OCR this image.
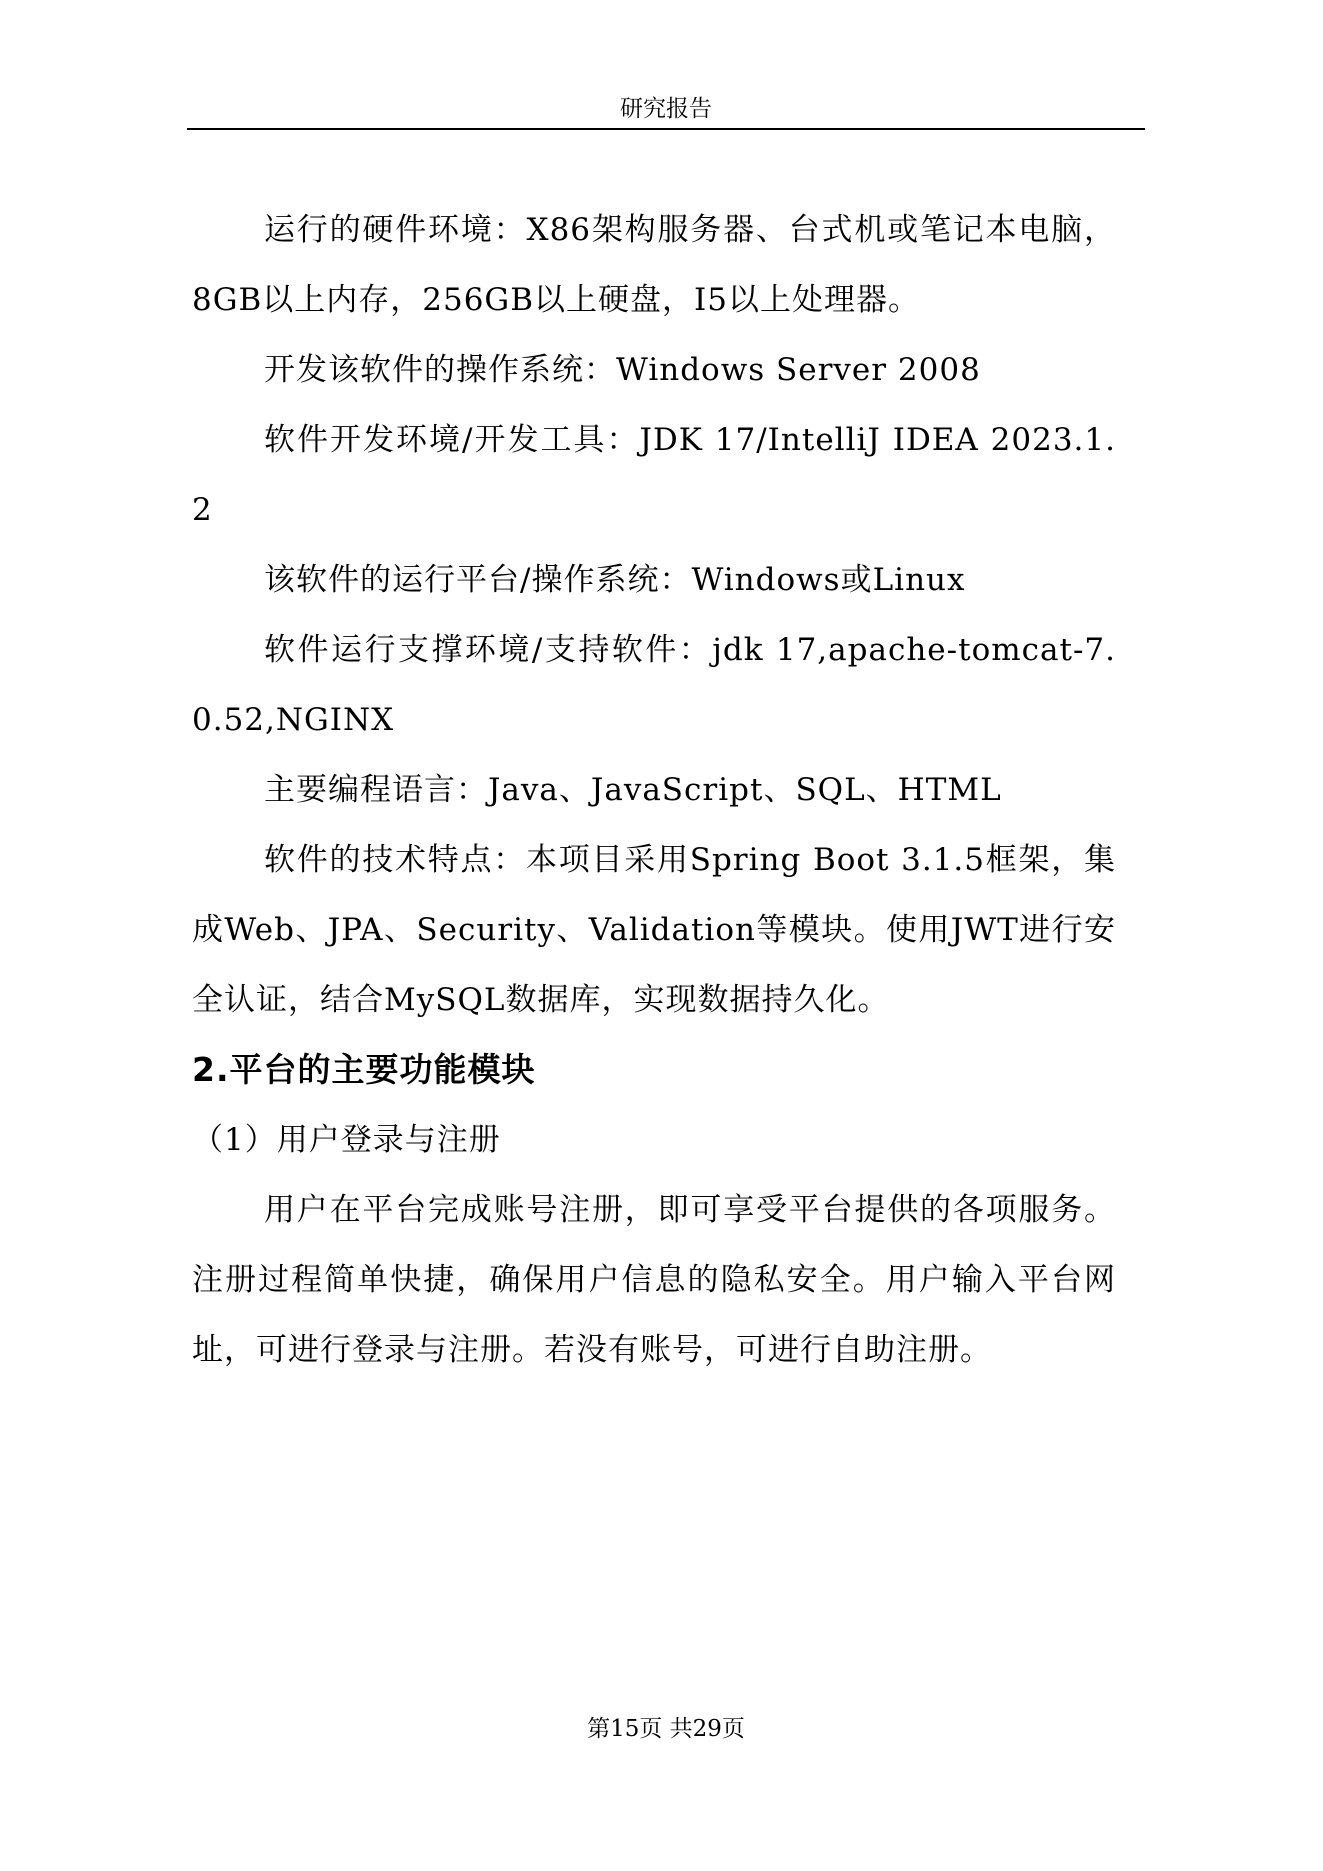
研究报告

运行的硬件环境：X86架构服务器、台式机或笔记本电脑，8GB以上内存，256GB以上硬盘，I5以上处理器。

开发该软件的操作系统：Windows Server 2008

软件开发环境/开发工具：JDK 17/IntelliJ IDEA 2023.1.2

该软件的运行平台/操作系统：Windows或Linux

软件运行支撑环境/支持软件：jdk 17,apache-tomcat-7.0.52,NGINX

主要编程语言：Java、JavaScript、SQL、HTML

软件的技术特点：本项目采用Spring Boot 3.1.5框架，集成Web、JPA、Security、Validation等模块。使用JWT进行安全认证，结合MySQL数据库，实现数据持久化。

2.平台的主要功能模块

（1）用户登录与注册

用户在平台完成账号注册，即可享受平台提供的各项服务。注册过程简单快捷，确保用户信息的隐私安全。用户输入平台网址，可进行登录与注册。若没有账号，可进行自助注册。

第15页 共29页
